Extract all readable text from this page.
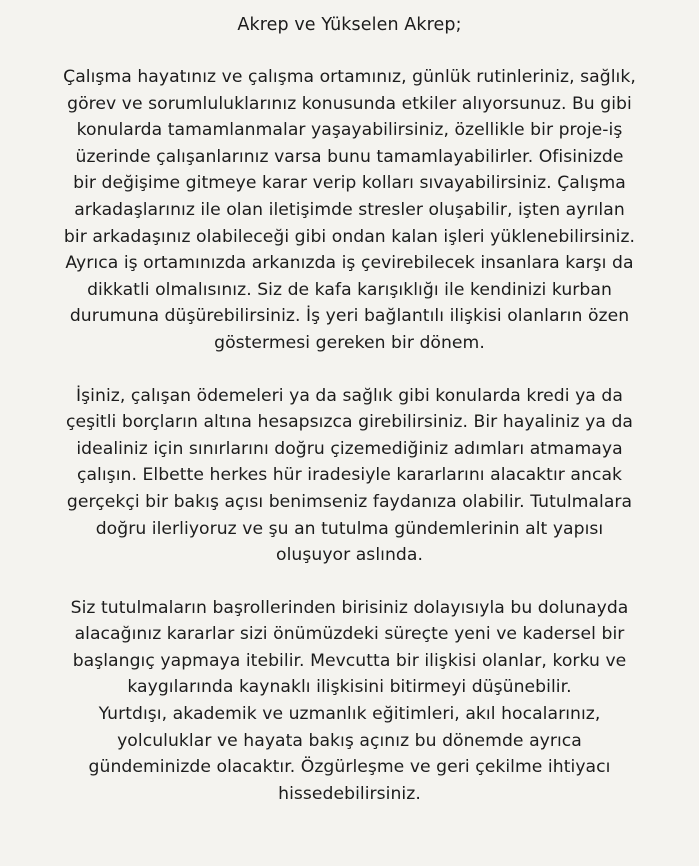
Akrep ve Yükselen Akrep;
Çalışma hayatınız ve çalışma ortamınız, günlük rutinleriniz, sağlık,
görev ve sorumluluklarınız konusunda etkiler alıyorsunuz. Bu gibi
konularda tamamlanmalar yaşayabilirsiniz, özellikle bir proje-iş
üzerinde çalışanlarınız varsa bunu tamamlayabilirler. Ofisinizde
bir değişime gitmeye karar verip kolları sıvayabilirsiniz. Çalışma
arkadaşlarınız ile olan iletişimde stresler oluşabilir, işten ayrılan
bir arkadaşınız olabileceği gibi ondan kalan işleri yüklenebilirsiniz.
Ayrıca iş ortamınızda arkanızda iş çevirebilecek insanlara karşı da
dikkatli olmalısınız. Siz de kafa karışıklığı ile kendinizi kurban
durumuna düşürebilirsiniz. İş yeri bağlantılı ilişkisi olanların özen
göstermesi gereken bir dönem.
İşiniz, çalışan ödemeleri ya da sağlık gibi konularda kredi ya da
çeşitli borçların altına hesapsızca girebilirsiniz. Bir hayaliniz ya da
idealiniz için sınırlarını doğru çizemediğiniz adımları atmamaya
çalışın. Elbette herkes hür iradesiyle kararlarını alacaktır ancak
gerçekçi bir bakış açısı benimseniz faydanıza olabilir. Tutulmalara
doğru ilerliyoruz ve şu an tutulma gündemlerinin alt yapısı
oluşuyor aslında.
Siz tutulmaların başrollerinden birisiniz dolayısıyla bu dolunayda
alacağınız kararlar sizi önümüzdeki süreçte yeni ve kadersel bir
başlangıç yapmaya itebilir. Mevcutta bir ilişkisi olanlar, korku ve
kaygılarında kaynaklı ilişkisini bitirmeyi düşünebilir.
Yurtdışı, akademik ve uzmanlık eğitimleri, akıl hocalarınız,
yolculuklar ve hayata bakış açınız bu dönemde ayrıca
gündeminizde olacaktır. Özgürleşme ve geri çekilme ihtiyacı
hissedebilirsiniz.
